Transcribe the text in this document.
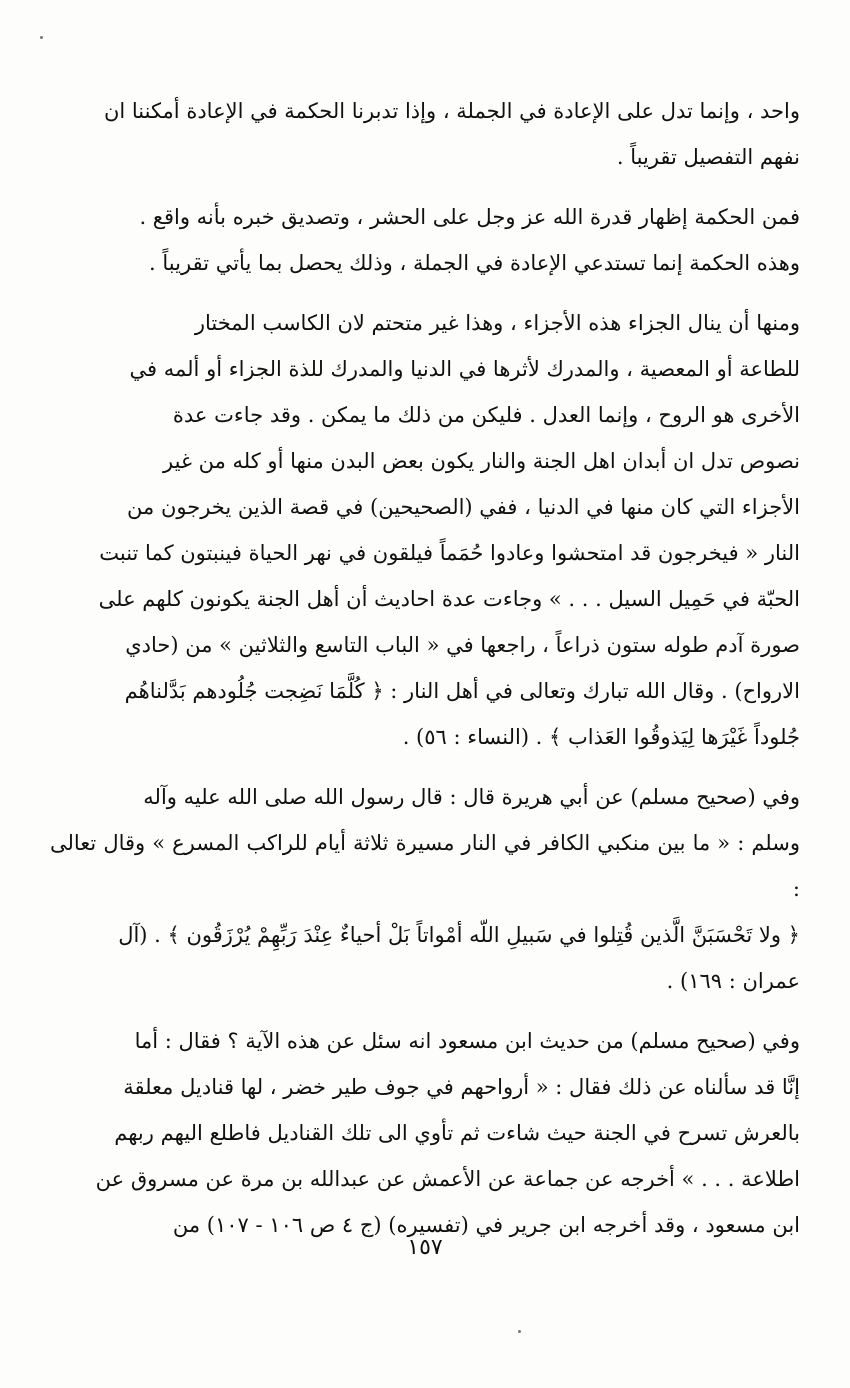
واحد ، وإنما تدل على الإعادة في الجملة ، وإذا تدبرنا الحكمة في الإعادة أمكننا ان
نفهم التفصيل تقريباً .

فمن الحكمة إظهار قدرة الله عز وجل على الحشر ، وتصديق خبره بأنه واقع .
وهذه الحكمة إنما تستدعي الإعادة في الجملة ، وذلك يحصل بما يأتي تقريباً .

ومنها أن ينال الجزاء هذه الأجزاء ، وهذا غير متحتم لان الكاسب المختار
للطاعة أو المعصية ، والمدرك لأثرها في الدنيا والمدرك للذة الجزاء أو ألمه في
الأخرى هو الروح ، وإنما العدل . فليكن من ذلك ما يمكن . وقد جاءت عدة
نصوص تدل ان أبدان اهل الجنة والنار يكون بعض البدن منها أو كله من غير
الأجزاء التي كان منها في الدنيا ، ففي (الصحيحين) في قصة الذين يخرجون من
النار « فيخرجون قد امتحشوا وعادوا حُمَماً فيلقون في نهر الحياة فينبتون كما تنبت
الحبّة في حَمِيل السيل . . . » وجاءت عدة احاديث أن أهل الجنة يكونون كلهم على
صورة آدم طوله ستون ذراعاً ، راجعها في « الباب التاسع والثلاثين » من (حادي
الارواح) . وقال الله تبارك وتعالى في أهل النار : ﴿ كُلَّمَا نَضِجت جُلُودهم بَدَّلناهُم
جُلوداً غَيْرَها لِيَذوقُوا العَذاب ﴾ . (النساء : ٥٦) .

وفي (صحيح مسلم) عن أبي هريرة قال : قال رسول الله صلى الله عليه وآله
وسلم : « ما بين منكبي الكافر في النار مسيرة ثلاثة أيام للراكب المسرع » وقال تعالى :
﴿ ولا تَحْسَبَنَّ الَّذين قُتِلوا في سَبيلِ اللّه أمْواتاً بَلْ أحياءٌ عِنْدَ رَبِّهِمْ يُرْزَقُون ﴾ . (آل
عمران : ١٦٩) .

وفي (صحيح مسلم) من حديث ابن مسعود انه سئل عن هذه الآية ؟ فقال : أما
إنَّا قد سألناه عن ذلك فقال : « أرواحهم في جوف طير خضر ، لها قناديل معلقة
بالعرش تسرح في الجنة حيث شاءت ثم تأوي الى تلك القناديل فاطلع اليهم ربهم
اطلاعة . . . » أخرجه عن جماعة عن الأعمش عن عبدالله بن مرة عن مسروق عن
ابن مسعود ، وقد أخرجه ابن جرير في (تفسيره) (ج ٤ ص ١٠٦ - ١٠٧) من

١٥٧
